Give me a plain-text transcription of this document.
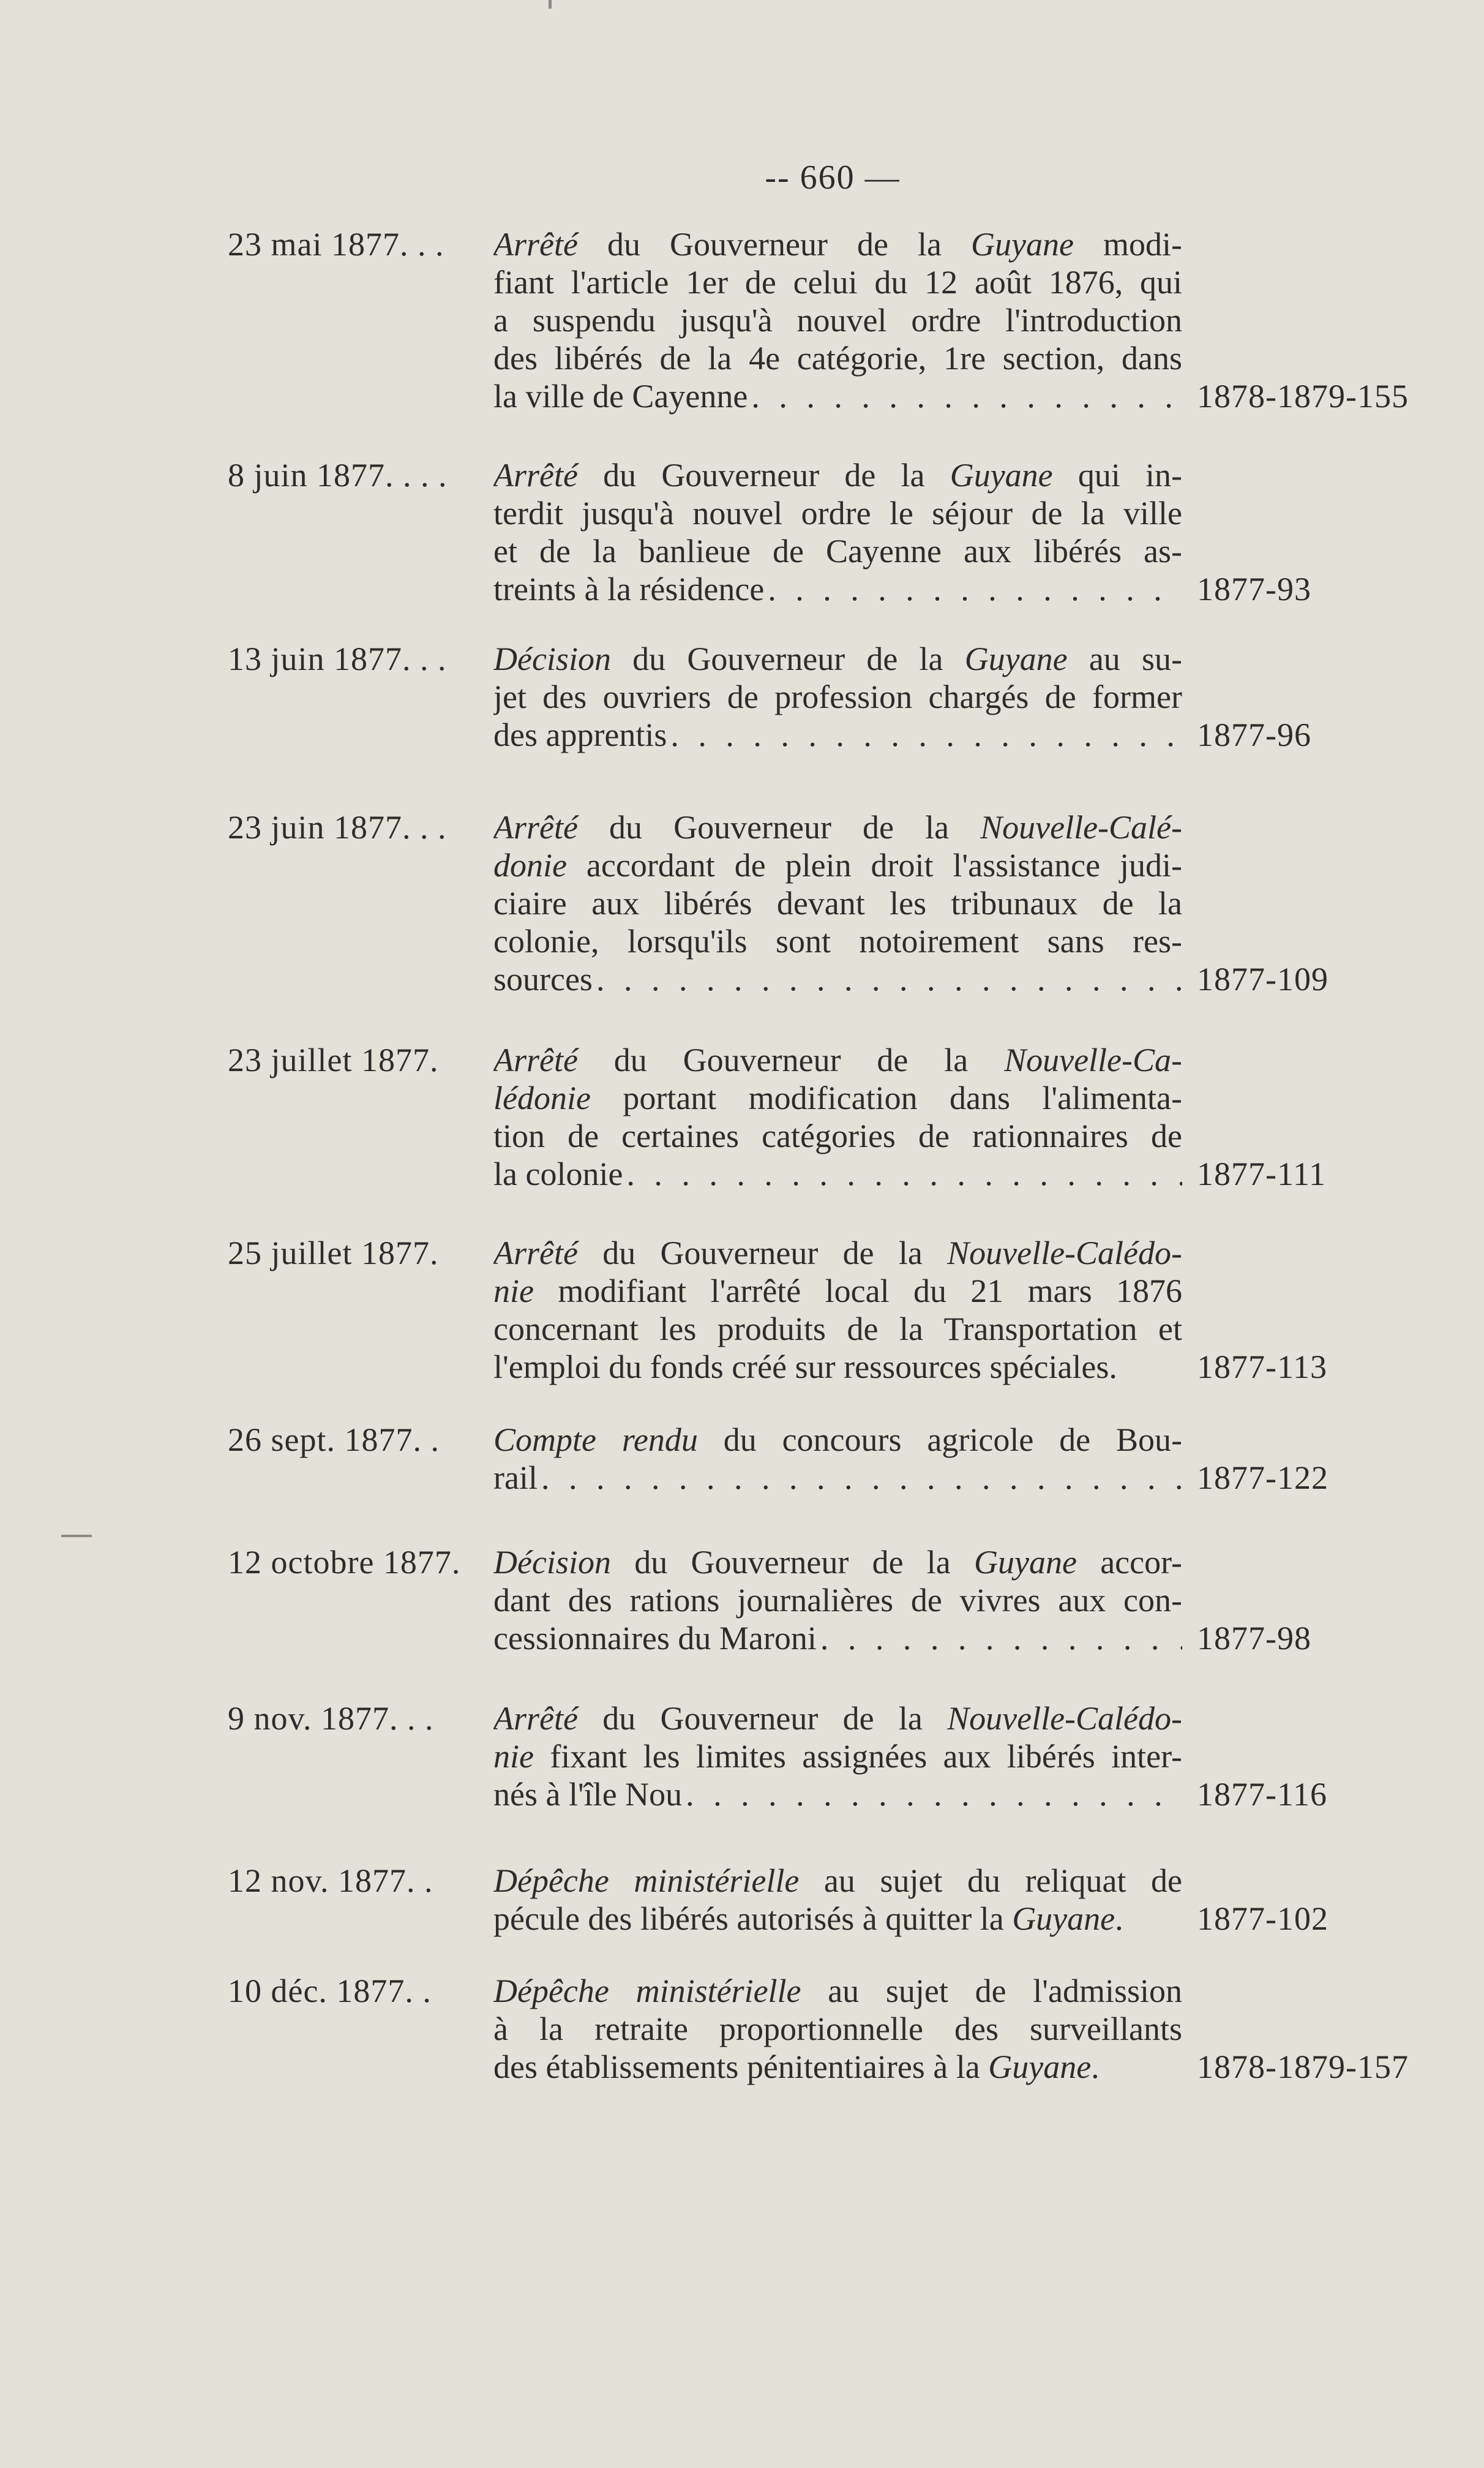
-- 660 —
23 mai 1877. . . Arrêté du Gouverneur de la Guyane modi-
fiant l'article 1er de celui du 12 août 1876, qui
a suspendu jusqu'à nouvel ordre l'introduction
des libérés de la 4e catégorie, 1re section, dans
la ville de Cayenne . . .	1878-1879-155
8 juin 1877. . . . Arrêté du Gouverneur de la Guyane qui in-
terdit jusqu'à nouvel ordre le séjour de la ville
et de la banlieue de Cayenne aux libérés as-
treints à la résidence . . .	1877-93
13 juin 1877. . . Décision du Gouverneur de la Guyane au su-
jet des ouvriers de profession chargés de former
des apprentis . . .	1877-96
23 juin 1877. . . Arrêté du Gouverneur de la Nouvelle-Calé-
donie accordant de plein droit l'assistance judi-
ciaire aux libérés devant les tribunaux de la
colonie, lorsqu'ils sont notoirement sans res-
sources . . .	1877-109
23 juillet 1877. Arrêté du Gouverneur de la Nouvelle-Ca-
lédonie portant modification dans l'alimenta-
tion de certaines catégories de rationnaires de
la colonie . . .	1877-111
25 juillet 1877. Arrêté du Gouverneur de la Nouvelle-Calédo-
nie modifiant l'arrêté local du 21 mars 1876
concernant les produits de la Transportation et
l'emploi du fonds créé sur ressources spéciales.	1877-113
26 sept. 1877. . Compte rendu du concours agricole de Bou-
rail . . .	1877-122
12 octobre 1877. Décision du Gouverneur de la Guyane accor-
dant des rations journalières de vivres aux con-
cessionnaires du Maroni . . .	1877-98
9 nov. 1877. . . Arrêté du Gouverneur de la Nouvelle-Calédo-
nie fixant les limites assignées aux libérés inter-
nés à l'île Nou . . .	1877-116
12 nov. 1877. . Dépêche ministérielle au sujet du reliquat de
pécule des libérés autorisés à quitter la Guyane.	1877-102
10 déc. 1877. . Dépêche ministérielle au sujet de l'admission
à la retraite proportionnelle des surveillants
des établissements pénitentiaires à la Guyane.	1878-1879-157
